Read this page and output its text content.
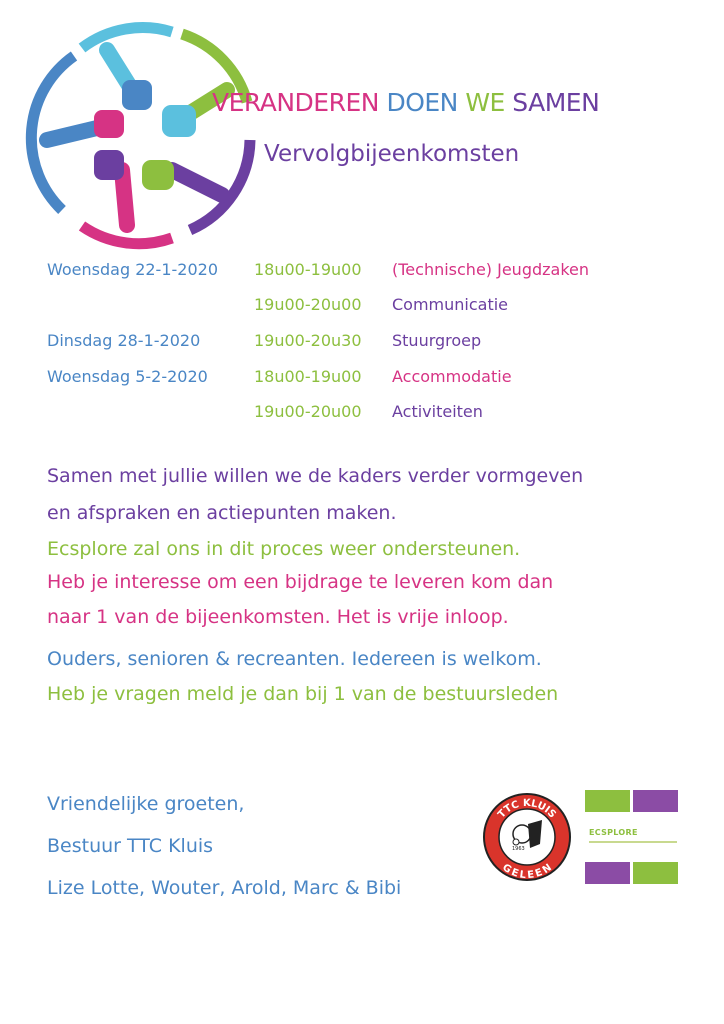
VERANDEREN DOEN WE SAMEN
Vervolgbijeenkomsten
Woensdag 22-1-2020 18u00-19u00 (Technische) Jeugdzaken
19u00-20u00 Communicatie
Dinsdag 28-1-2020	19u00-20u30 Stuurgroep
Woensdag 5-2-2020	18u00-19u00 Accommodatie
19u00-20u00 Activiteiten
Samen met jullie willen we de kaders verder vormgeven
en afspraken en actiepunten maken.
Ecsplore zal ons in dit proces weer ondersteunen.
Heb je interesse om een bijdrage te leveren kom dan
naar 1 van de bijeenkomsten. Het is vrije inloop.
Ouders, senioren & recreanten. Iedereen is welkom.
Heb je vragen meld je dan bij 1 van de bestuursleden
Vriendelijke groeten,
Bestuur TTC Kluis
Lize Lotte, Wouter, Arold, Marc & Bibi
TTC KLUIS
GELEEN
1963
ECSPLORE
